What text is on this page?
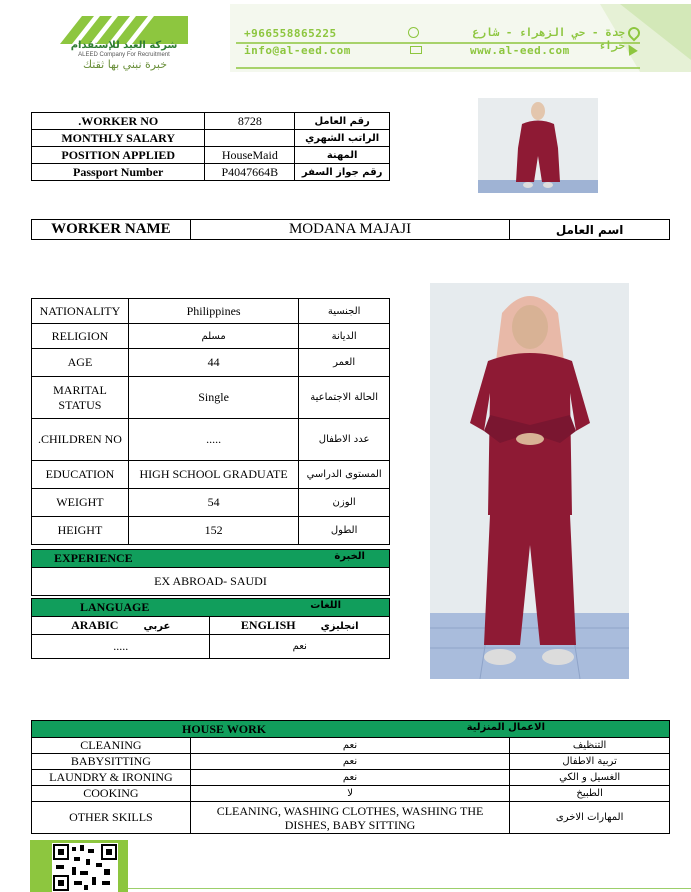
شركة العيد للإستقدام
ALEED Company For Recruitment
خبرة نبني بها ثقتك
+966558865225	جدة - حي الزهراء - شارع حراء
info@al-eed.com	www.al-eed.com
.WORKER NO	8728	رقم العامل
MONTHLY SALARY		الراتب الشهري
POSITION APPLIED	HouseMaid	المهنة
Passport Number	P4047664B	رقم جواز السفر
WORKER NAME	MODANA MAJAJI	اسم العامل
NATIONALITY	Philippines	الجنسية
RELIGION	مسلم	الديانة
AGE	44	العمر
MARITAL STATUS	Single	الحالة الاجتماعية
.CHILDREN NO	.....	عدد الاطفال
EDUCATION	HIGH SCHOOL GRADUATE	المستوى الدراسي
WEIGHT	54	الوزن
HEIGHT	152	الطول
EXPERIENCE	الخبرة

EX ABROAD- SAUDI
LANGUAGE اللغات	

ARABIC عربي	ENGLISH انجليزي
.....	نعم
HOUSE WORK الاعمال المنزلية		

CLEANING	نعم	التنظيف
BABYSITTING	نعم	تربية الاطفال
LAUNDRY & IRONING	نعم	الغسيل و الكي
COOKING	لا	الطبيخ
OTHER SKILLS	CLEANING, WASHING CLOTHES, WASHING THE DISHES, BABY SITTING	المهارات الاخرى
